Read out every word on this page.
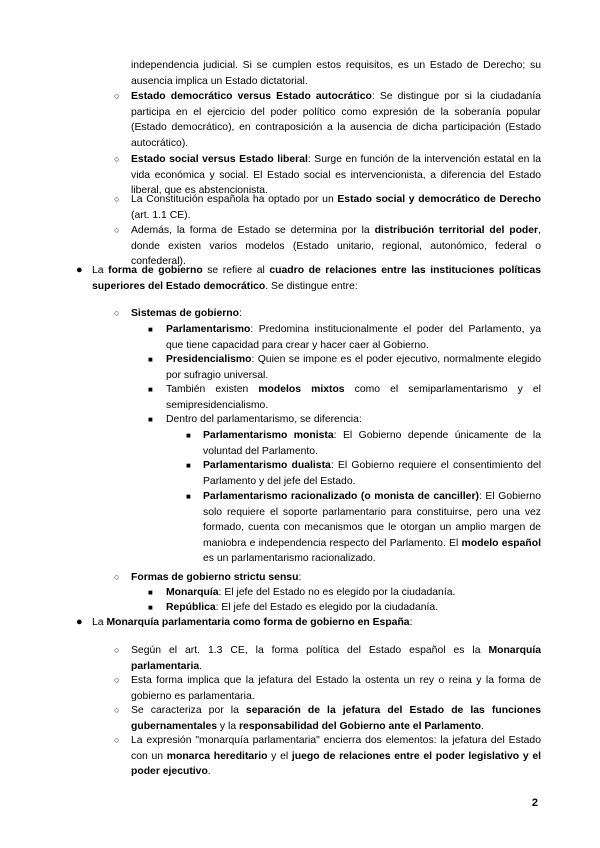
independencia judicial. Si se cumplen estos requisitos, es un Estado de Derecho; su ausencia implica un Estado dictatorial.
○ Estado democrático versus Estado autocrático: Se distingue por si la ciudadanía participa en el ejercicio del poder político como expresión de la soberanía popular (Estado democrático), en contraposición a la ausencia de dicha participación (Estado autocrático).
○ Estado social versus Estado liberal: Surge en función de la intervención estatal en la vida económica y social. El Estado social es intervencionista, a diferencia del Estado liberal, que es abstencionista.
○ La Constitución española ha optado por un Estado social y democrático de Derecho (art. 1.1 CE).
○ Además, la forma de Estado se determina por la distribución territorial del poder, donde existen varios modelos (Estado unitario, regional, autonómico, federal o confederal).
● La forma de gobierno se refiere al cuadro de relaciones entre las instituciones políticas superiores del Estado democrático. Se distingue entre:
○ Sistemas de gobierno:
■ Parlamentarismo: Predomina institucionalmente el poder del Parlamento, ya que tiene capacidad para crear y hacer caer al Gobierno.
■ Presidencialismo: Quien se impone es el poder ejecutivo, normalmente elegido por sufragio universal.
■ También existen modelos mixtos como el semiparlamentarismo y el semipresidencialismo.
■ Dentro del parlamentarismo, se diferencia:
■ Parlamentarismo monista: El Gobierno depende únicamente de la voluntad del Parlamento.
■ Parlamentarismo dualista: El Gobierno requiere el consentimiento del Parlamento y del jefe del Estado.
■ Parlamentarismo racionalizado (o monista de canciller): El Gobierno solo requiere el soporte parlamentario para constituirse, pero una vez formado, cuenta con mecanismos que le otorgan un amplio margen de maniobra e independencia respecto del Parlamento. El modelo español es un parlamentarismo racionalizado.
○ Formas de gobierno strictu sensu:
■ Monarquía: El jefe del Estado no es elegido por la ciudadanía.
■ República: El jefe del Estado es elegido por la ciudadanía.
● La Monarquía parlamentaria como forma de gobierno en España:
○ Según el art. 1.3 CE, la forma política del Estado español es la Monarquía parlamentaria.
○ Esta forma implica que la jefatura del Estado la ostenta un rey o reina y la forma de gobierno es parlamentaria.
○ Se caracteriza por la separación de la jefatura del Estado de las funciones gubernamentales y la responsabilidad del Gobierno ante el Parlamento.
○ La expresión "monarquía parlamentaria" encierra dos elementos: la jefatura del Estado con un monarca hereditario y el juego de relaciones entre el poder legislativo y el poder ejecutivo.
2
